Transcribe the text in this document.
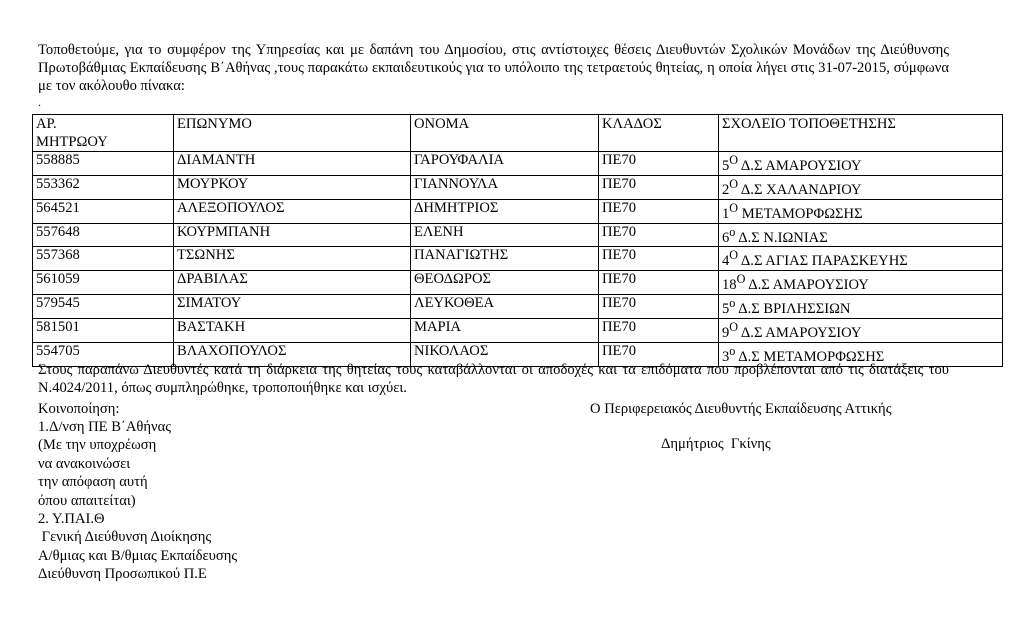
Τοποθετούμε, για το συμφέρον της Υπηρεσίας και με δαπάνη του Δημοσίου, στις αντίστοιχες θέσεις Διευθυντών Σχολικών Μονάδων της Διεύθυνσης Πρωτοβάθμιας Εκπαίδευσης Β΄Αθήνας ,τους παρακάτω εκπαιδευτικούς για το υπόλοιπο της τετραετούς θητείας, η οποία λήγει στις 31-07-2015, σύμφωνα με τον ακόλουθο πίνακα:
.
ΑΡ. ΜΗΤΡΩΟΥ	ΕΠΩΝΥΜΟ	ΟΝΟΜΑ	ΚΛΑΔΟΣ	ΣΧΟΛΕΙΟ ΤΟΠΟΘΕΤΗΣΗΣ
558885	ΔΙΑΜΑΝΤΗ	ΓΑΡΟΥΦΑΛΙΑ	ΠΕ70	$5^O$ Δ.Σ ΑΜΑΡΟΥΣΙΟΥ
553362	ΜΟΥΡΚΟΥ	ΓΙΑΝΝΟΥΛΑ	ΠΕ70	$2^O$ Δ.Σ ΧΑΛΑΝΔΡΙΟΥ
564521	ΑΛΕΞΟΠΟΥΛΟΣ	ΔΗΜΗΤΡΙΟΣ	ΠΕ70	$1^O$ ΜΕΤΑΜΟΡΦΩΣΗΣ
557648	ΚΟΥΡΜΠΑΝΗ	ΕΛΕΝΗ	ΠΕ70	$6^o$ Δ.Σ Ν.ΙΩΝΙΑΣ
557368	ΤΣΩΝΗΣ	ΠΑΝΑΓΙΩΤΗΣ	ΠΕ70	$4^O$ Δ.Σ ΑΓΙΑΣ ΠΑΡΑΣΚΕΥΗΣ
561059	ΔΡΑΒΙΛΑΣ	ΘΕΟΔΩΡΟΣ	ΠΕ70	$18^O$ Δ.Σ ΑΜΑΡΟΥΣΙΟΥ
579545	ΣΙΜΑΤΟΥ	ΛΕΥΚΟΘΕΑ	ΠΕ70	$5^o$ Δ.Σ ΒΡΙΛΗΣΣΙΩΝ
581501	ΒΑΣΤΑΚΗ	ΜΑΡΙΑ	ΠΕ70	$9^O$ Δ.Σ ΑΜΑΡΟΥΣΙΟΥ
554705	ΒΛΑΧΟΠΟΥΛΟΣ	ΝΙΚΟΛΑΟΣ	ΠΕ70	$3^o$ Δ.Σ ΜΕΤΑΜΟΡΦΩΣΗΣ
Στους παραπάνω Διευθυντές κατά τη διάρκεια της θητείας τους καταβάλλονται οι αποδοχές και τα επιδόματα που προβλέπονται από τις διατάξεις του Ν.4024/2011, όπως συμπληρώθηκε, τροποποιήθηκε και ισχύει.
Κοινοποίηση:
1.Δ/νση ΠΕ Β΄Αθήνας
(Με την υποχρέωση
να ανακοινώσει
την απόφαση αυτή
όπου απαιτείται)
2. Υ.ΠΑΙ.Θ
Γενική Διεύθυνση Διοίκησης
Α/θμιας και Β/θμιας Εκπαίδευσης
Διεύθυνση Προσωπικού Π.Ε
Ο Περιφερειακός Διευθυντής Εκπαίδευσης Αττικής
Δημήτριος  Γκίνης
